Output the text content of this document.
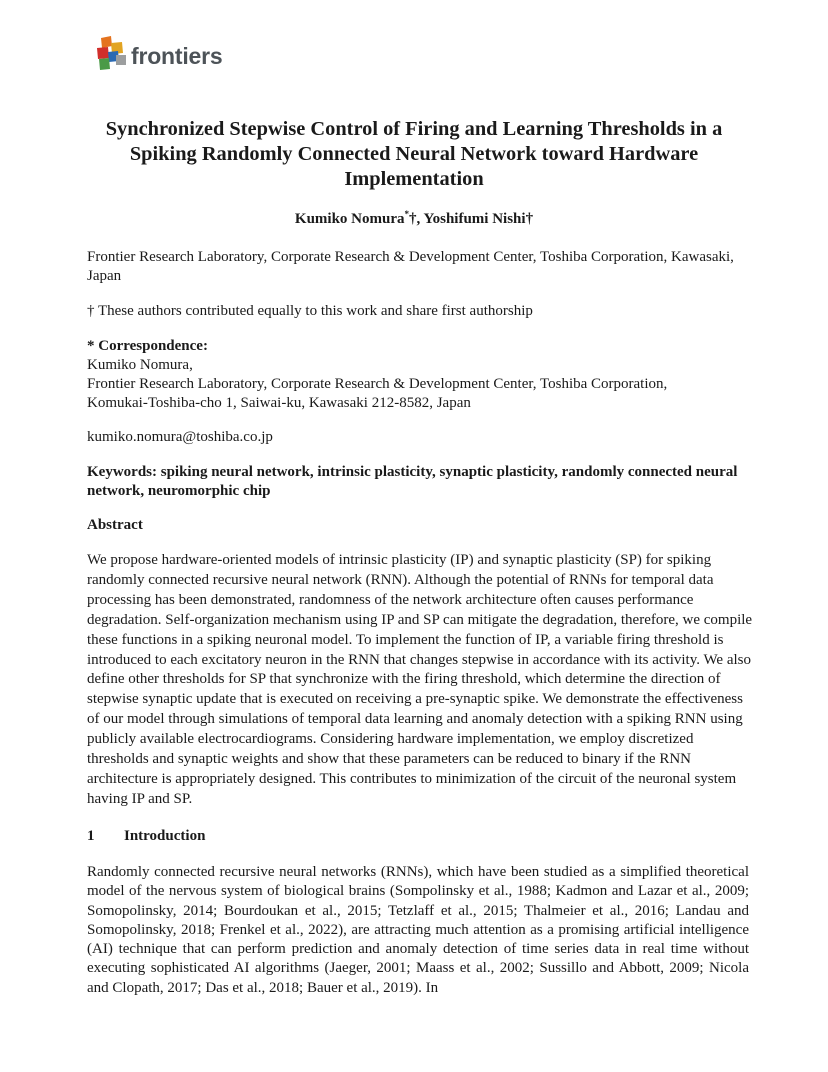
frontiers
Synchronized Stepwise Control of Firing and Learning Thresholds in a Spiking Randomly Connected Neural Network toward Hardware Implementation
Kumiko Nomura*†, Yoshifumi Nishi†

Frontier Research Laboratory, Corporate Research & Development Center, Toshiba Corporation, Kawasaki, Japan

† These authors contributed equally to this work and share first authorship

* Correspondence:
Kumiko Nomura,
Frontier Research Laboratory, Corporate Research & Development Center, Toshiba Corporation,
Komukai-Toshiba-cho 1, Saiwai-ku, Kawasaki 212-8582, Japan

kumiko.nomura@toshiba.co.jp

Keywords: spiking neural network, intrinsic plasticity, synaptic plasticity, randomly connected neural network, neuromorphic chip

Abstract

We propose hardware-oriented models of intrinsic plasticity (IP) and synaptic plasticity (SP) for spiking randomly connected recursive neural network (RNN). Although the potential of RNNs for temporal data processing has been demonstrated, randomness of the network architecture often causes performance degradation. Self-organization mechanism using IP and SP can mitigate the degradation, therefore, we compile these functions in a spiking neuronal model. To implement the function of IP, a variable firing threshold is introduced to each excitatory neuron in the RNN that changes stepwise in accordance with its activity. We also define other thresholds for SP that synchronize with the firing threshold, which determine the direction of stepwise synaptic update that is executed on receiving a pre-synaptic spike. We demonstrate the effectiveness of our model through simulations of temporal data learning and anomaly detection with a spiking RNN using publicly available electrocardiograms. Considering hardware implementation, we employ discretized thresholds and synaptic weights and show that these parameters can be reduced to binary if the RNN architecture is appropriately designed. This contributes to minimization of the circuit of the neuronal system having IP and SP.

1 Introduction

Randomly connected recursive neural networks (RNNs), which have been studied as a simplified theoretical model of the nervous system of biological brains (Sompolinsky et al., 1988; Kadmon and Lazar et al., 2009; Somopolinsky, 2014; Bourdoukan et al., 2015; Tetzlaff et al., 2015; Thalmeier et al., 2016; Landau and Somopolinsky, 2018; Frenkel et al., 2022), are attracting much attention as a promising artificial intelligence (AI) technique that can perform prediction and anomaly detection of time series data in real time without executing sophisticated AI algorithms (Jaeger, 2001; Maass et al., 2002; Sussillo and Abbott, 2009; Nicola and Clopath, 2017; Das et al., 2018; Bauer et al., 2019). In
